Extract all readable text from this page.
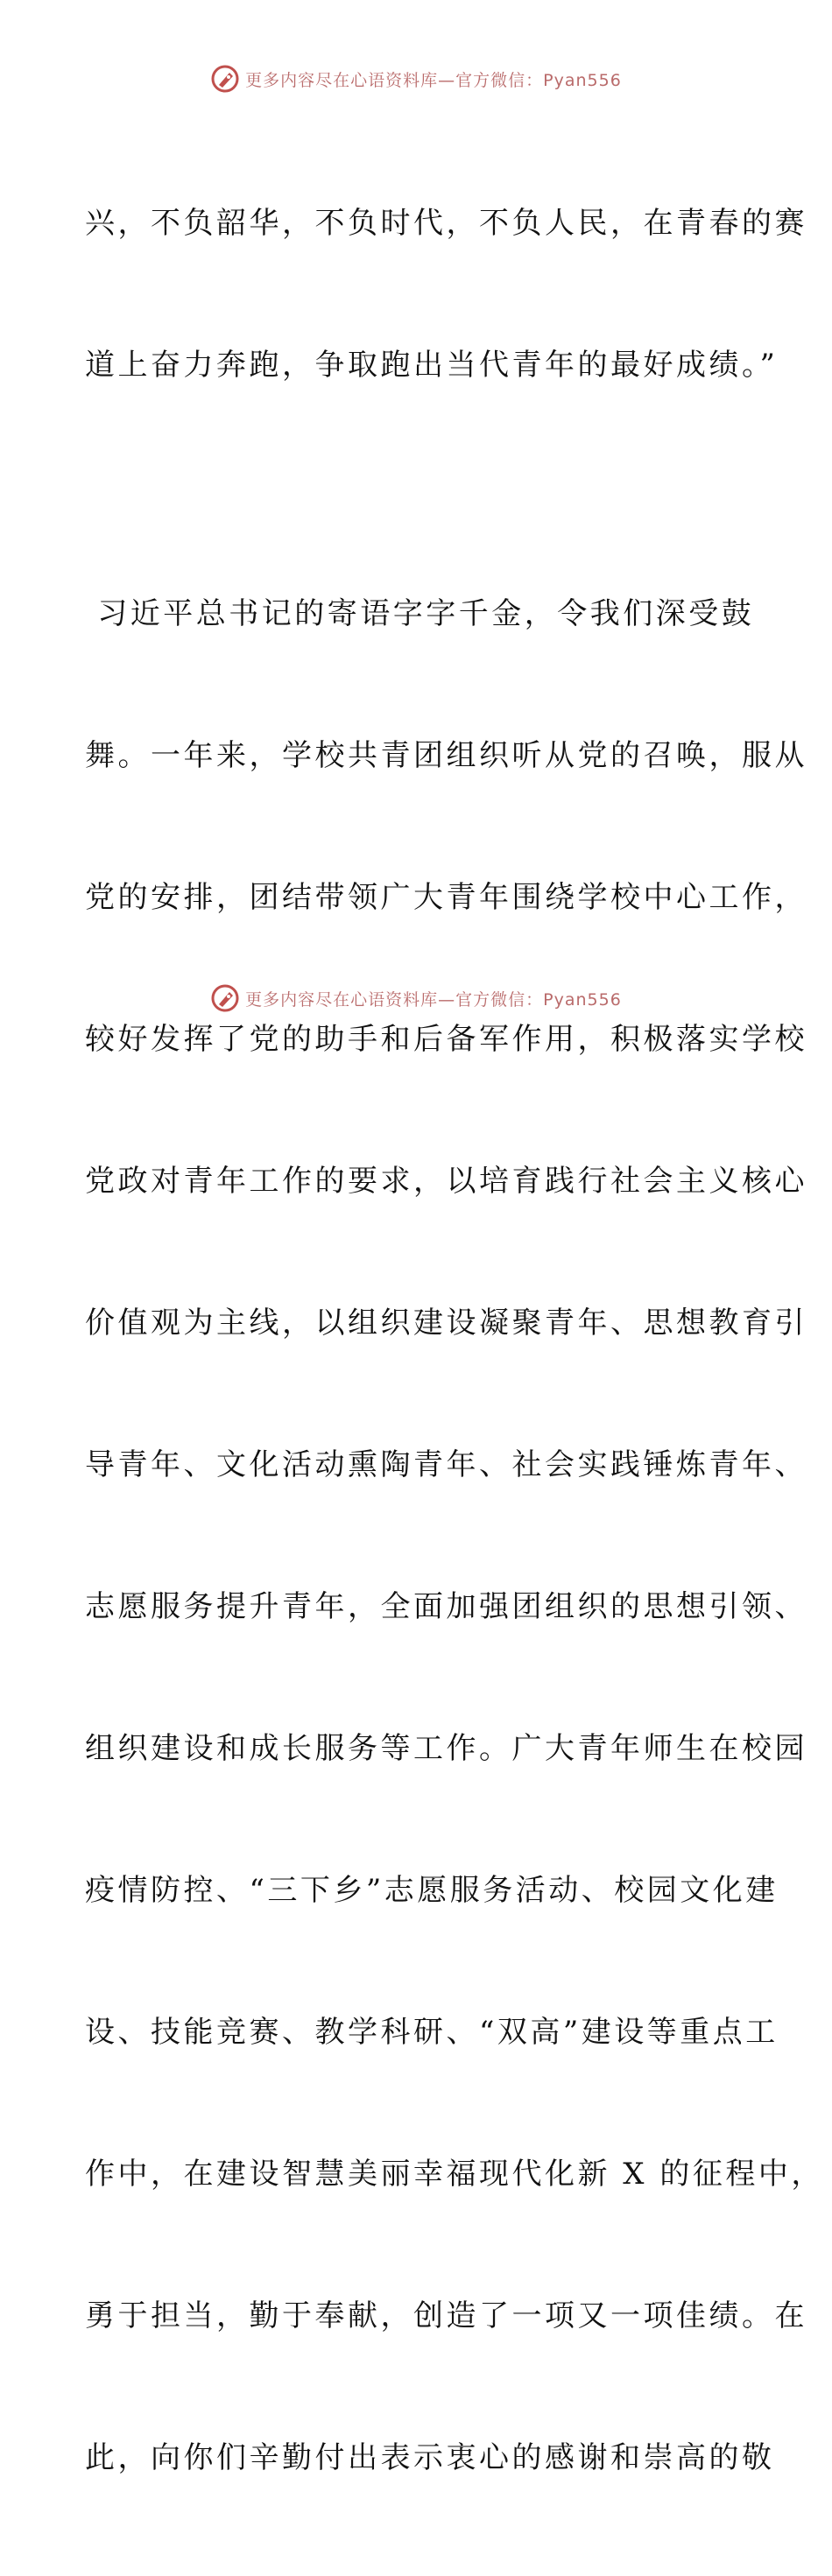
更多内容尽在心语资料库—官方微信：Pyan556

兴，不负韶华，不负时代，不负人民，在青春的赛

道上奋力奔跑，争取跑出当代青年的最好成绩。”

习近平总书记的寄语字字千金，令我们深受鼓

舞。一年来，学校共青团组织听从党的召唤，服从

党的安排，团结带领广大青年围绕学校中心工作，

较好发挥了党的助手和后备军作用，积极落实学校

党政对青年工作的要求，以培育践行社会主义核心

价值观为主线，以组织建设凝聚青年、思想教育引

导青年、文化活动熏陶青年、社会实践锤炼青年、

志愿服务提升青年，全面加强团组织的思想引领、

组织建设和成长服务等工作。广大青年师生在校园

疫情防控、“三下乡”志愿服务活动、校园文化建

设、技能竞赛、教学科研、“双高”建设等重点工

作中，在建设智慧美丽幸福现代化新 X 的征程中，

勇于担当，勤于奉献，创造了一项又一项佳绩。在

此，向你们辛勤付出表示衷心的感谢和崇高的敬

更多内容尽在心语资料库—官方微信：Pyan556
